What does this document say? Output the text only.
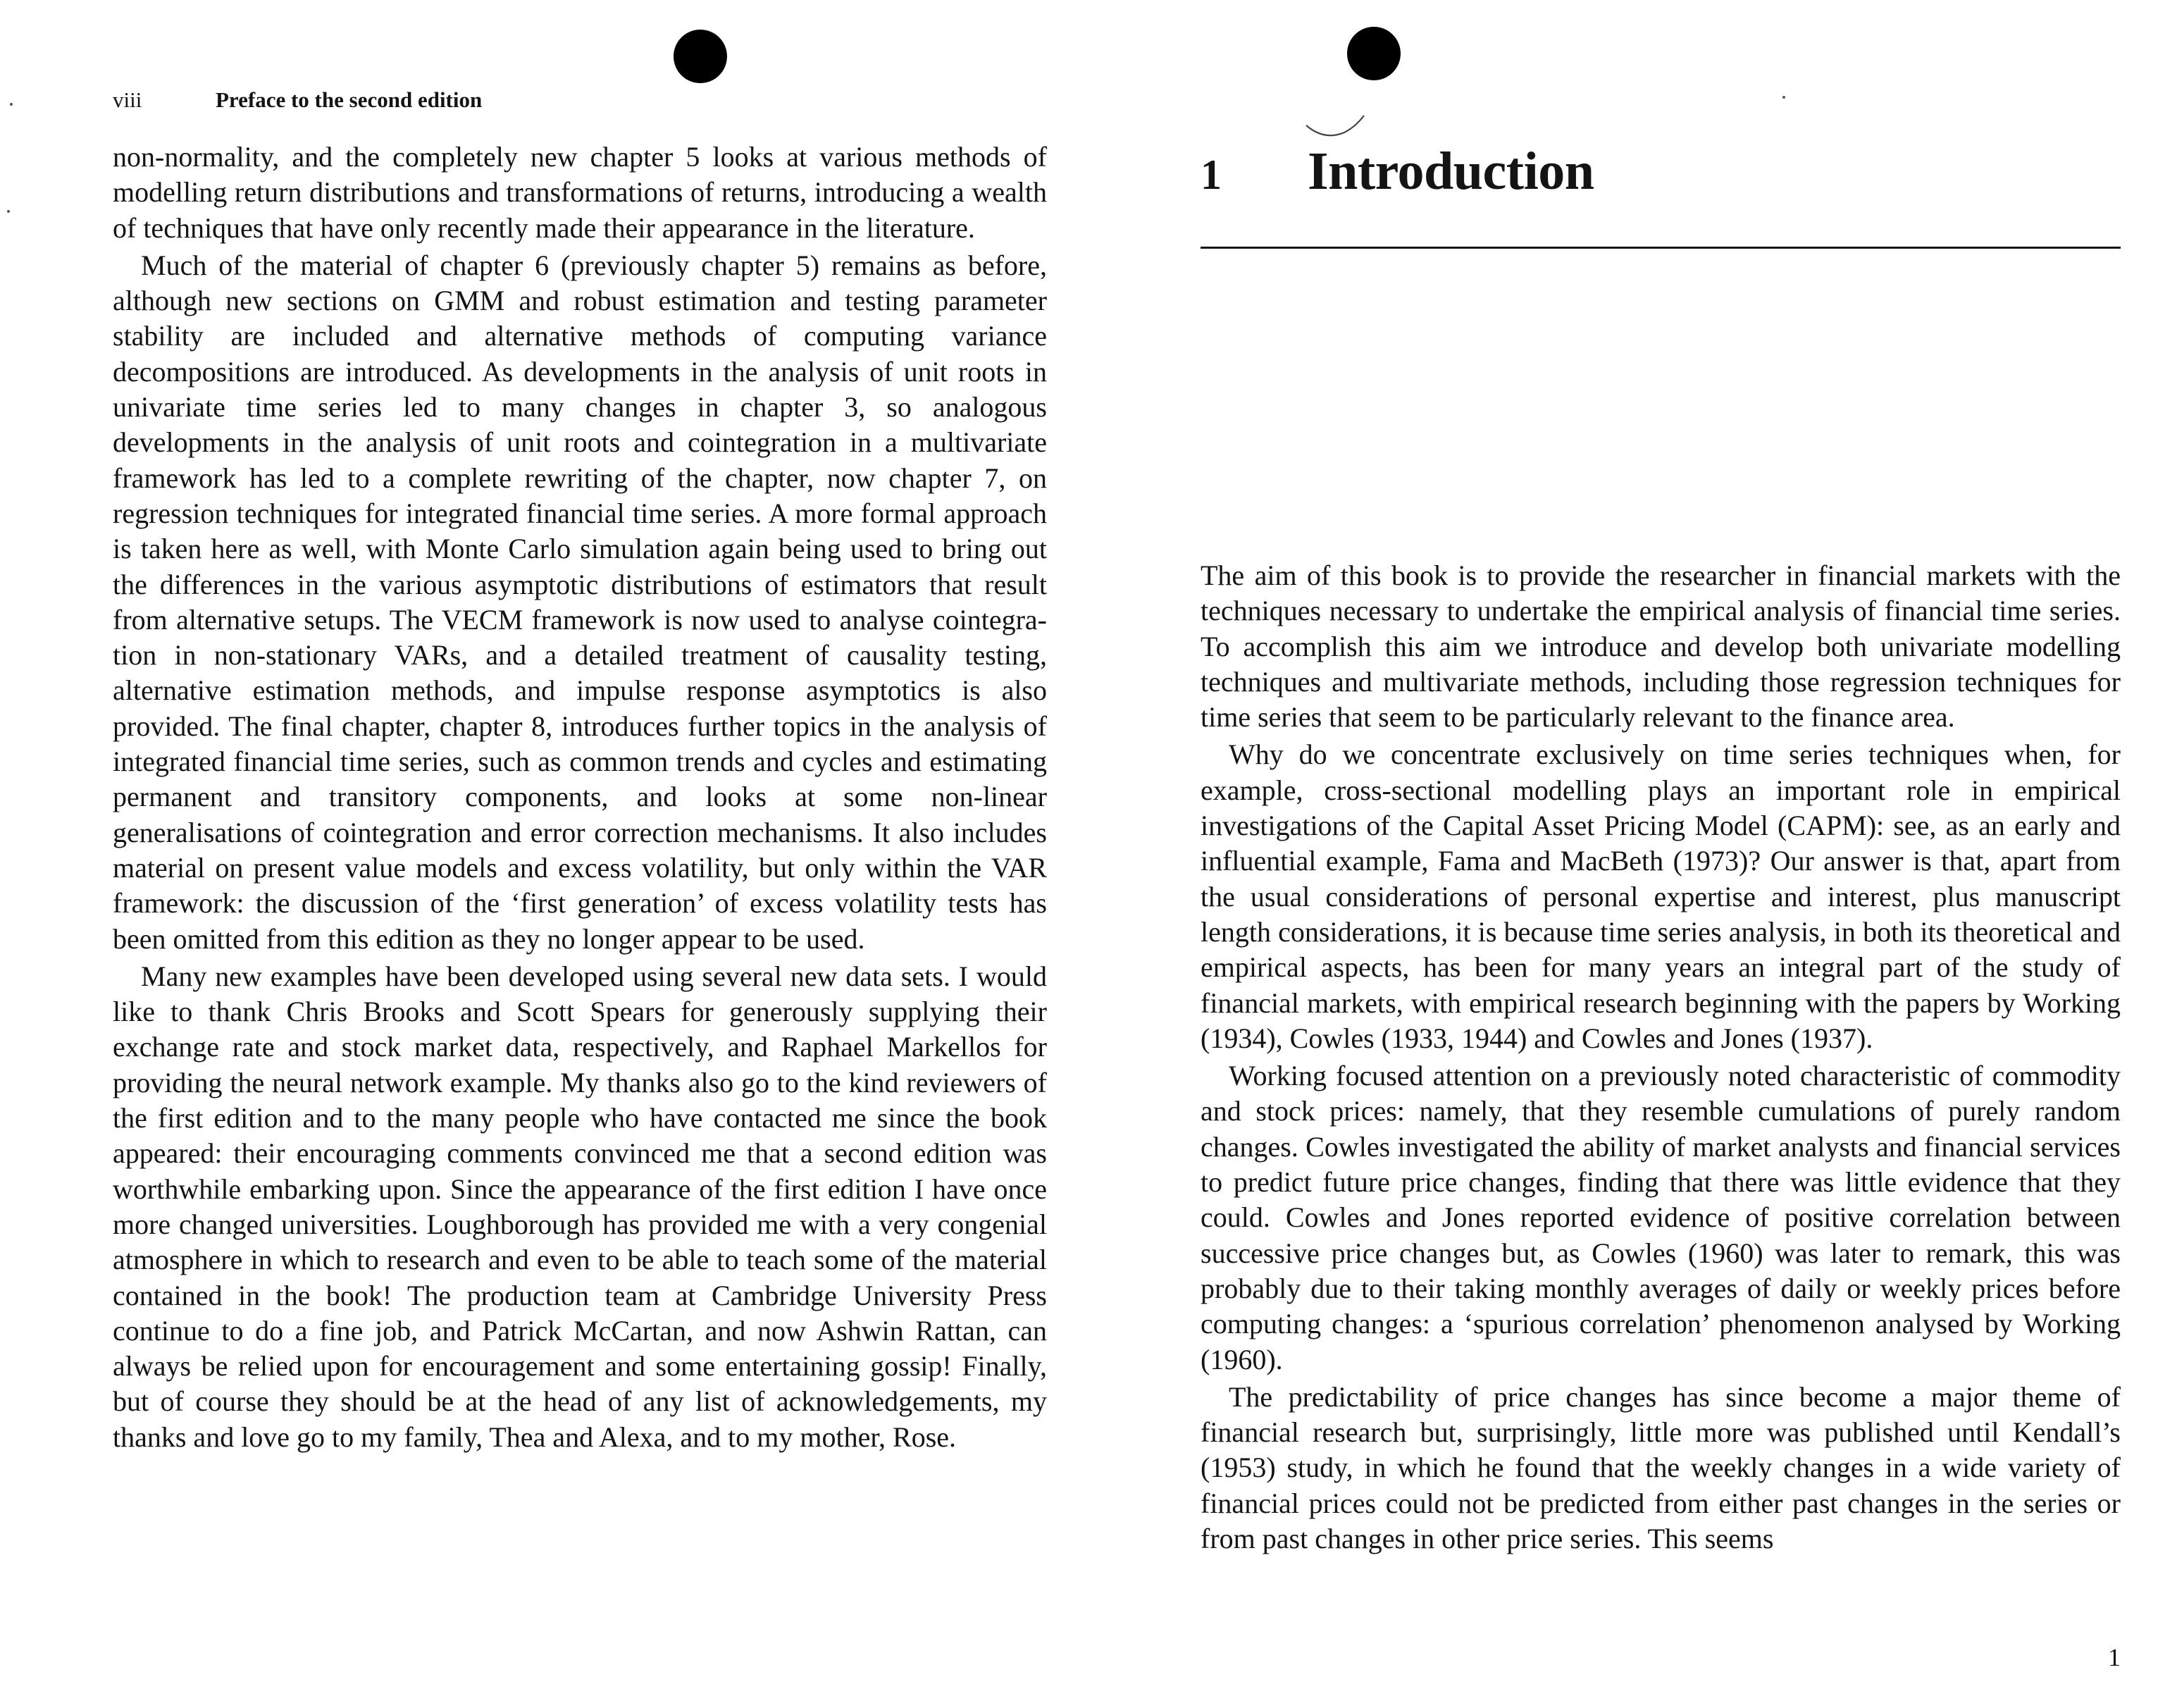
viii	Preface to the second edition

non-normality, and the completely new chapter 5 looks at various methods of modelling return distributions and transformations of returns, introducing a wealth of techniques that have only recently made their appearance in the literature.

Much of the material of chapter 6 (previously chapter 5) remains as before, although new sections on GMM and robust estimation and testing parameter stability are included and alternative methods of computing variance decompositions are introduced. As developments in the analysis of unit roots in univariate time series led to many changes in chapter 3, so analogous developments in the analysis of unit roots and cointegration in a multivariate framework has led to a complete rewriting of the chapter, now chapter 7, on regression techniques for integrated financial time series. A more formal approach is taken here as well, with Monte Carlo simulation again being used to bring out the differences in the various asymptotic distributions of estimators that result from alternative setups. The VECM framework is now used to analyse cointegration in non-stationary VARs, and a detailed treatment of causality testing, alternative estimation methods, and impulse response asymptotics is also provided. The final chapter, chapter 8, introduces further topics in the analysis of integrated financial time series, such as common trends and cycles and estimating permanent and transitory components, and looks at some non-linear generalisations of cointegration and error correction mechanisms. It also includes material on present value models and excess volatility, but only within the VAR framework: the discussion of the ‘first generation’ of excess volatility tests has been omitted from this edition as they no longer appear to be used.

Many new examples have been developed using several new data sets. I would like to thank Chris Brooks and Scott Spears for generously supplying their exchange rate and stock market data, respectively, and Raphael Markellos for providing the neural network example. My thanks also go to the kind reviewers of the first edition and to the many people who have contacted me since the book appeared: their encouraging comments convinced me that a second edition was worthwhile embarking upon. Since the appearance of the first edition I have once more changed universities. Loughborough has provided me with a very congenial atmosphere in which to research and even to be able to teach some of the material contained in the book! The production team at Cambridge University Press continue to do a fine job, and Patrick McCartan, and now Ashwin Rattan, can always be relied upon for encouragement and some entertaining gossip! Finally, but of course they should be at the head of any list of acknowledgements, my thanks and love go to my family, Thea and Alexa, and to my mother, Rose.

1 Introduction

The aim of this book is to provide the researcher in financial markets with the techniques necessary to undertake the empirical analysis of financial time series. To accomplish this aim we introduce and develop both univariate modelling techniques and multivariate methods, including those regression techniques for time series that seem to be particularly relevant to the finance area.

Why do we concentrate exclusively on time series techniques when, for example, cross-sectional modelling plays an important role in empirical investigations of the Capital Asset Pricing Model (CAPM): see, as an early and influential example, Fama and MacBeth (1973)? Our answer is that, apart from the usual considerations of personal expertise and interest, plus manuscript length considerations, it is because time series analysis, in both its theoretical and empirical aspects, has been for many years an integral part of the study of financial markets, with empirical research beginning with the papers by Working (1934), Cowles (1933, 1944) and Cowles and Jones (1937).

Working focused attention on a previously noted characteristic of commodity and stock prices: namely, that they resemble cumulations of purely random changes. Cowles investigated the ability of market analysts and financial services to predict future price changes, finding that there was little evidence that they could. Cowles and Jones reported evidence of positive correlation between successive price changes but, as Cowles (1960) was later to remark, this was probably due to their taking monthly averages of daily or weekly prices before computing changes: a ‘spurious correlation’ phenomenon analysed by Working (1960).

The predictability of price changes has since become a major theme of financial research but, surprisingly, little more was published until Kendall’s (1953) study, in which he found that the weekly changes in a wide variety of financial prices could not be predicted from either past changes in the series or from past changes in other price series. This seems

1
